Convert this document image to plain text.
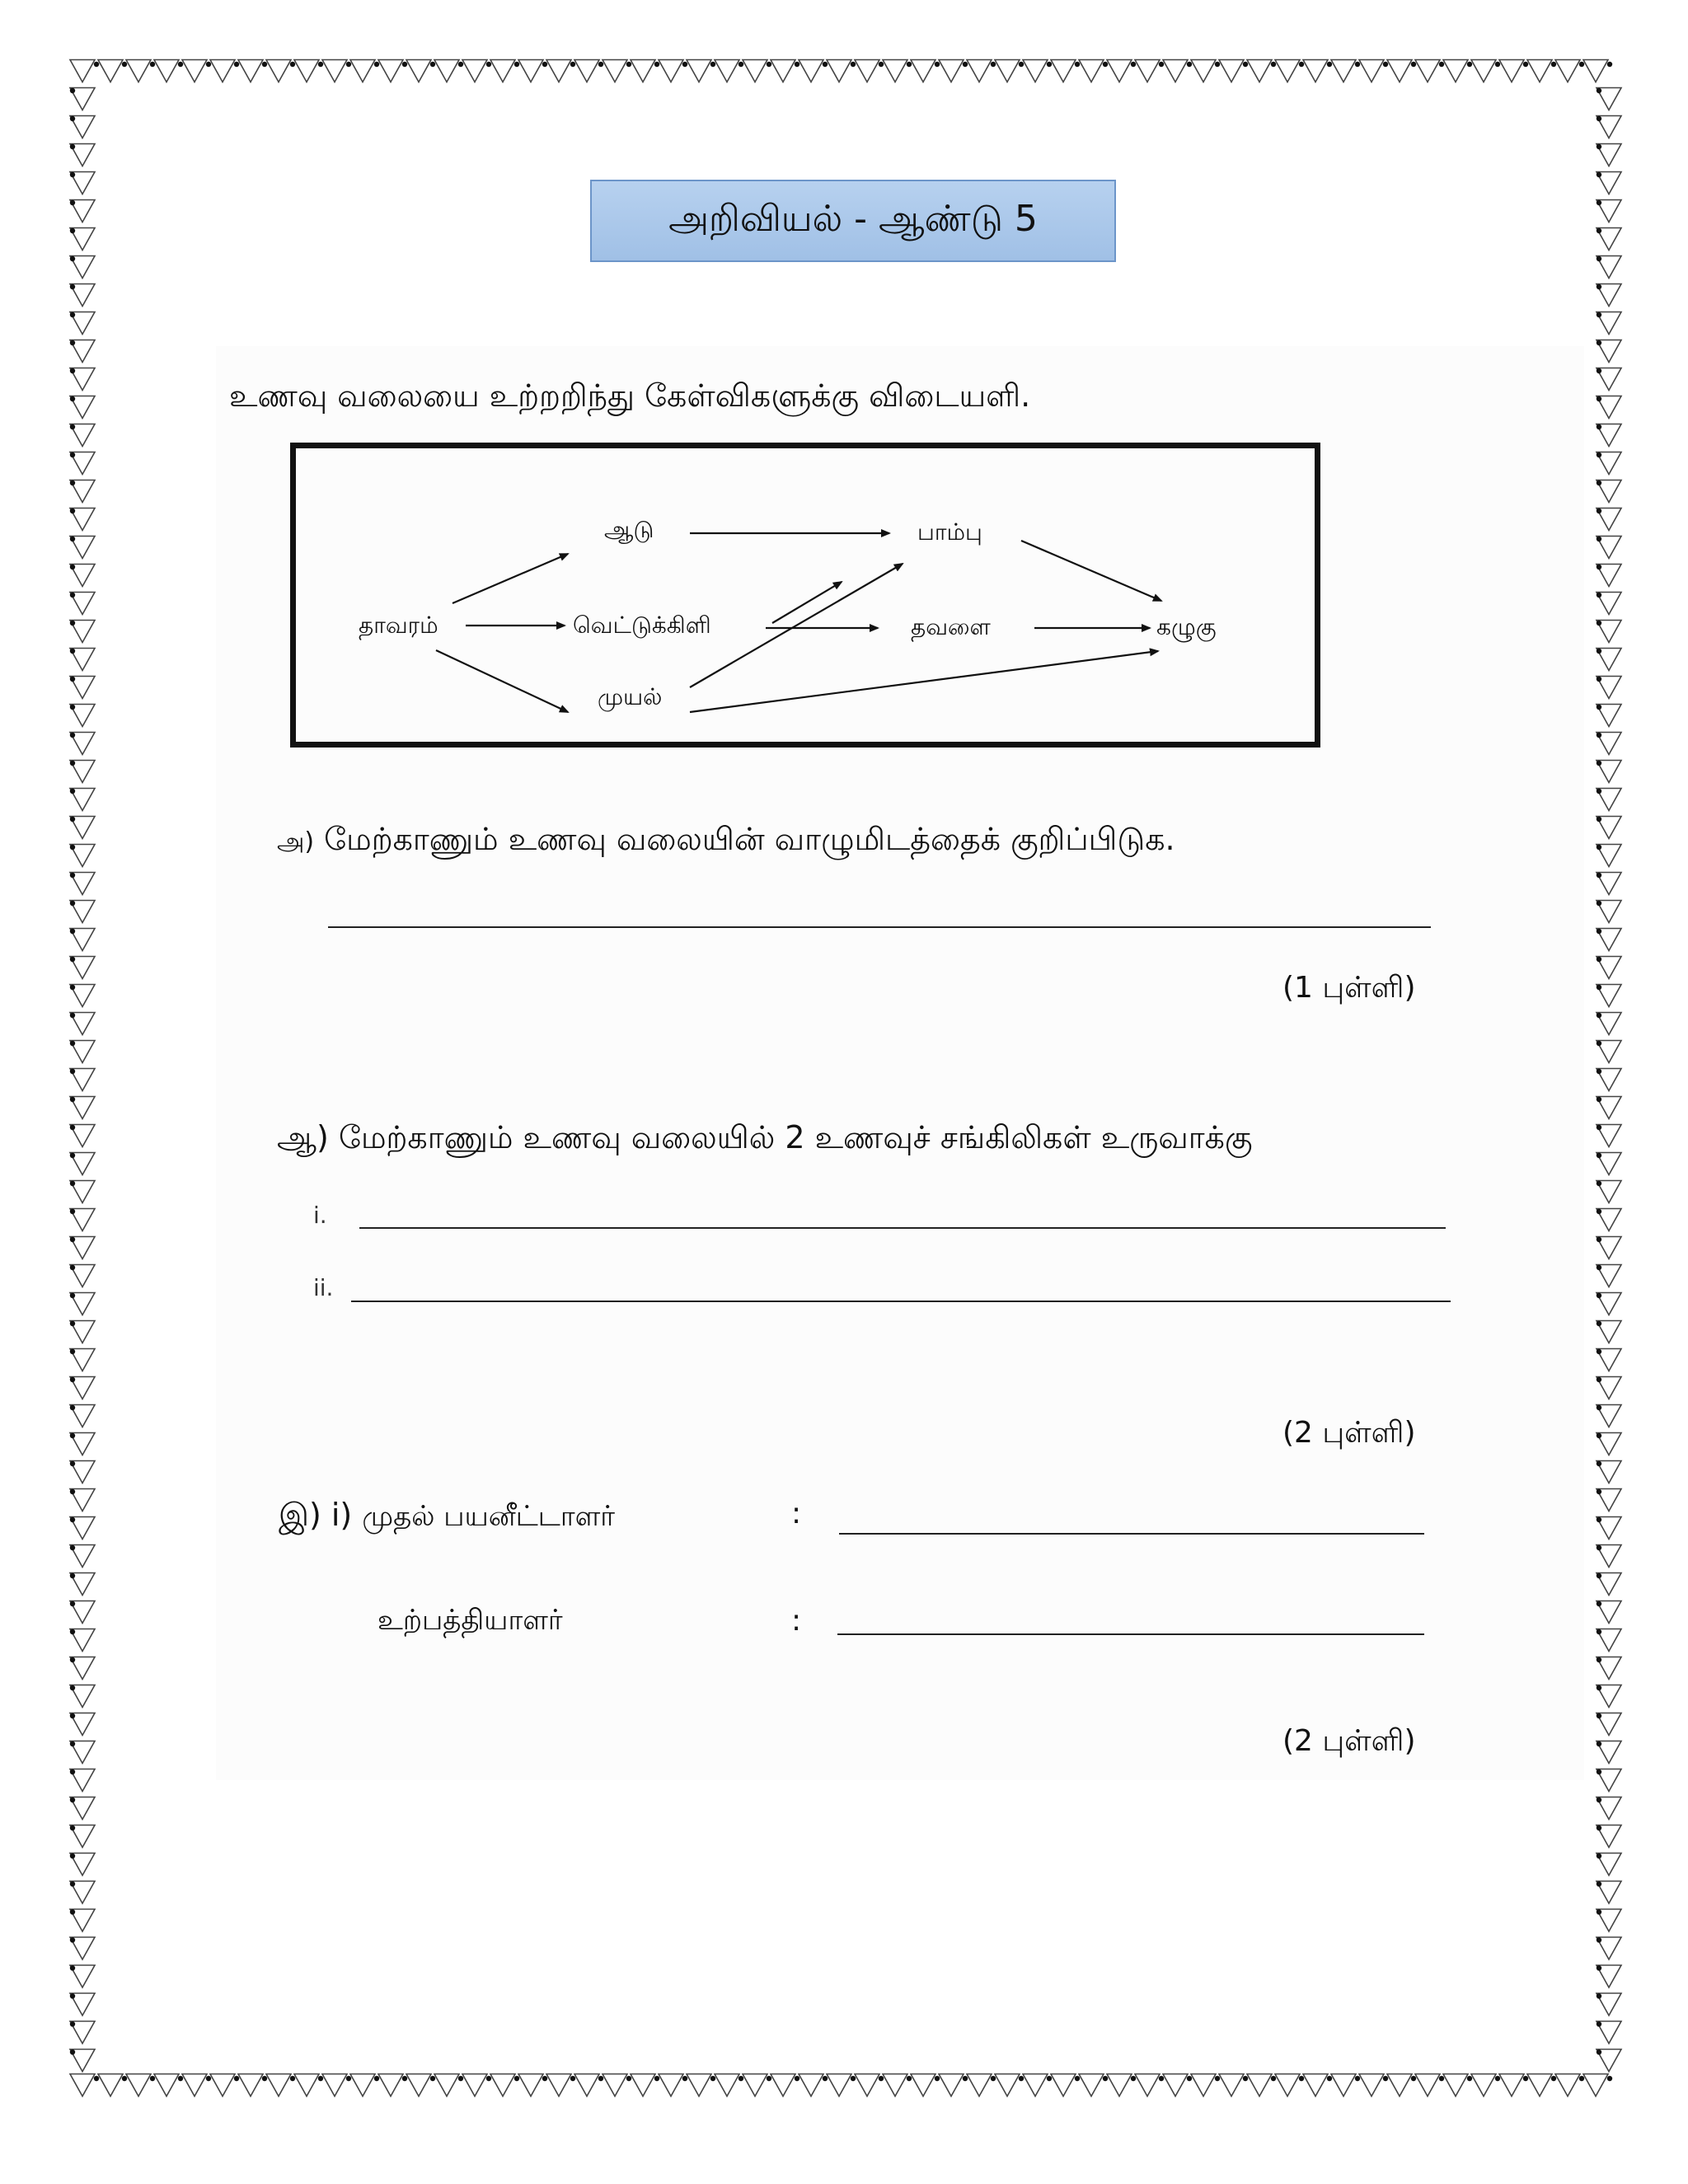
அறிவியல் - ஆண்டு 5
உணவு வலையை உற்றறிந்து கேள்விகளுக்கு விடையளி.
ஆடு
தாவரம்	வெட்டுக்கிளி
முயல்
பாம்பு
தவளை	கழுகு
அ) மேற்காணும் உணவு வலையின் வாழுமிடத்தைக் குறிப்பிடுக.
(1 புள்ளி)
ஆ) மேற்காணும் உணவு வலையில் 2 உணவுச் சங்கிலிகள் உருவாக்கு
i.
ii.
(2 புள்ளி)
இ) i) முதல் பயனீட்டாளர்	:
உற்பத்தியாளர்	:
(2 புள்ளி)
